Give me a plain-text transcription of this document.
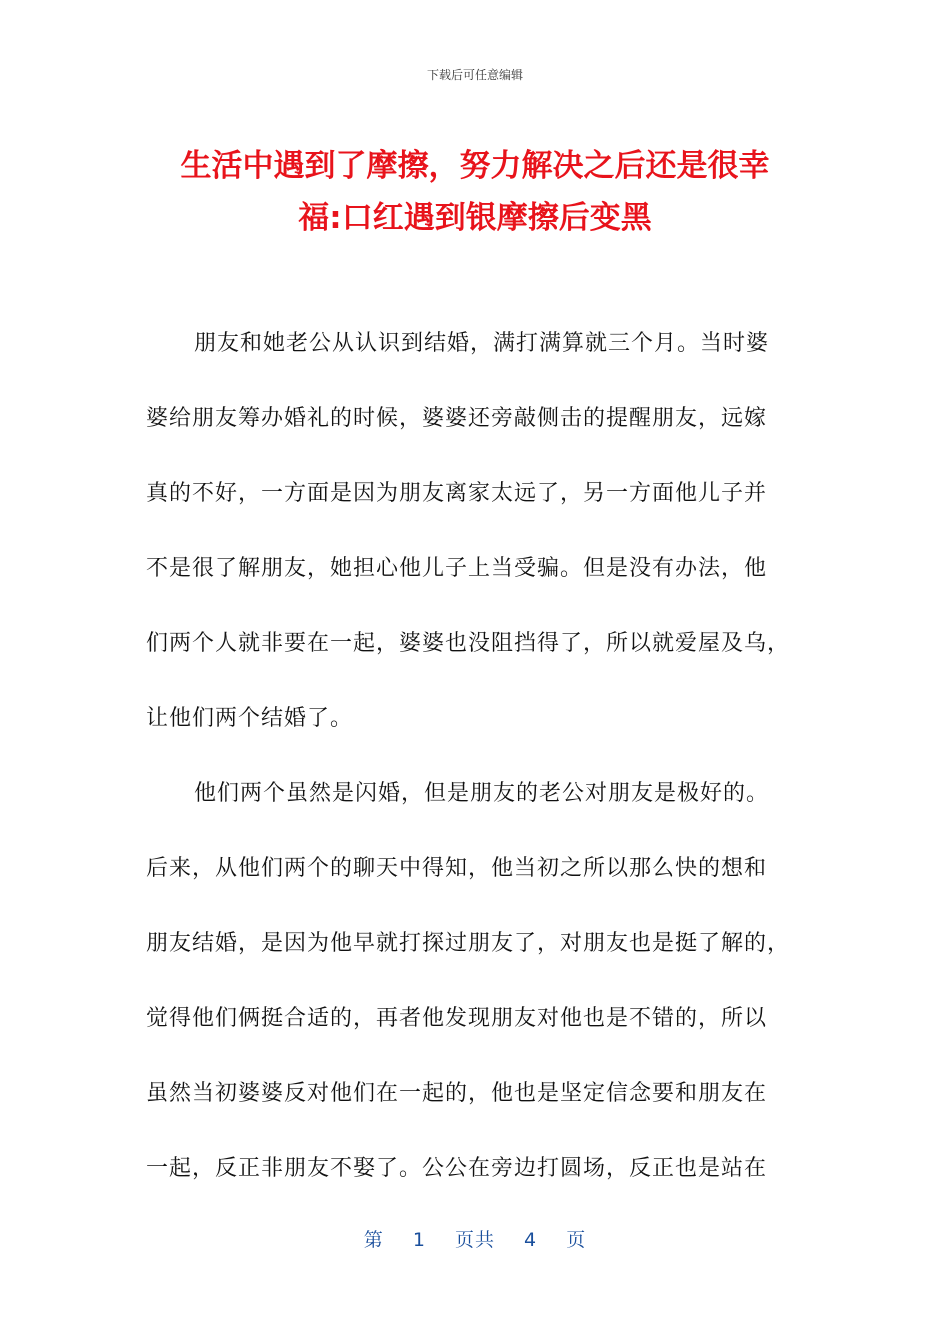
下载后可任意编辑
生活中遇到了摩擦，努力解决之后还是很幸
福:口红遇到银摩擦后变黑
朋友和她老公从认识到结婚，满打满算就三个月。当时婆
婆给朋友筹办婚礼的时候，婆婆还旁敲侧击的提醒朋友，远嫁
真的不好，一方面是因为朋友离家太远了，另一方面他儿子并
不是很了解朋友，她担心他儿子上当受骗。但是没有办法，他
们两个人就非要在一起，婆婆也没阻挡得了，所以就爱屋及乌，
让他们两个结婚了。
他们两个虽然是闪婚，但是朋友的老公对朋友是极好的。
后来，从他们两个的聊天中得知，他当初之所以那么快的想和
朋友结婚，是因为他早就打探过朋友了，对朋友也是挺了解的，
觉得他们俩挺合适的，再者他发现朋友对他也是不错的，所以
虽然当初婆婆反对他们在一起的，他也是坚定信念要和朋友在
一起，反正非朋友不娶了。公公在旁边打圆场，反正也是站在
第 1 页共 4 页
